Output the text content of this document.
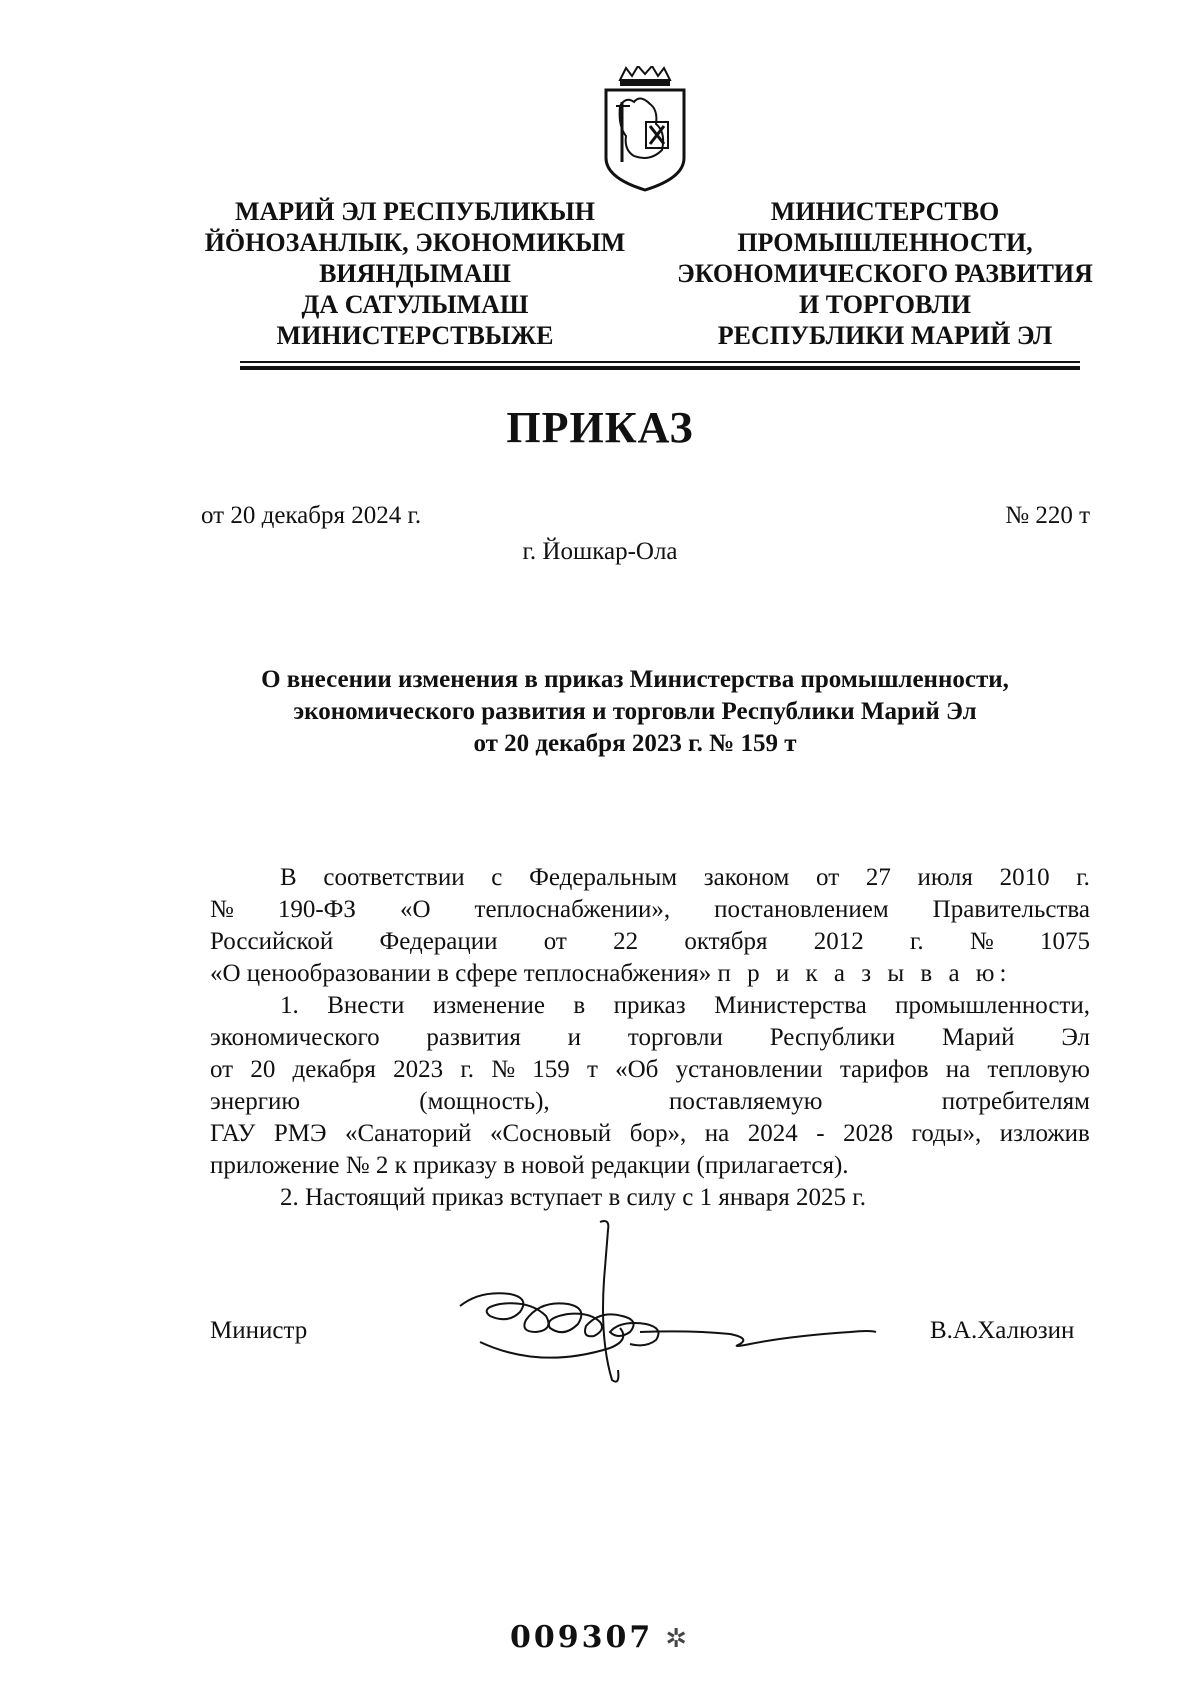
МАРИЙ ЭЛ РЕСПУБЛИКЫН
ЙÖНОЗАНЛЫК, ЭКОНОМИКЫМ
ВИЯНДЫМАШ
ДА САТУЛЫМАШ
МИНИСТЕРСТВЫЖЕ
МИНИСТЕРСТВО
ПРОМЫШЛЕННОСТИ,
ЭКОНОМИЧЕСКОГО РАЗВИТИЯ
И ТОРГОВЛИ
РЕСПУБЛИКИ МАРИЙ ЭЛ
ПРИКАЗ
от 20 декабря 2024 г.	№ 220 т
г. Йошкар-Ола
О внесении изменения в приказ Министерства промышленности,
экономического развития и торговли Республики Марий Эл
от 20 декабря 2023 г. № 159 т
В соответствии с Федеральным законом от 27 июля 2010 г.
№ 190-ФЗ «О теплоснабжении», постановлением Правительства
Российской Федерации от 22 октября 2012 г. № 1075
«О ценообразовании в сфере теплоснабжения»
п р и к а з ы в а ю:
1. Внести изменение в приказ Министерства промышленности,
экономического развития и торговли Республики Марий Эл
от 20 декабря 2023 г. № 159 т «Об установлении тарифов на тепловую
энергию	(мощность),	поставляемую	потребителям
ГАУ РМЭ «Санаторий «Сосновый бор», на 2024 - 2028 годы», изложив
приложение № 2 к приказу в новой редакции (прилагается).
2. Настоящий приказ вступает в силу с 1 января 2025 г.
Министр	В.А.Халюзин
009307 ✲
